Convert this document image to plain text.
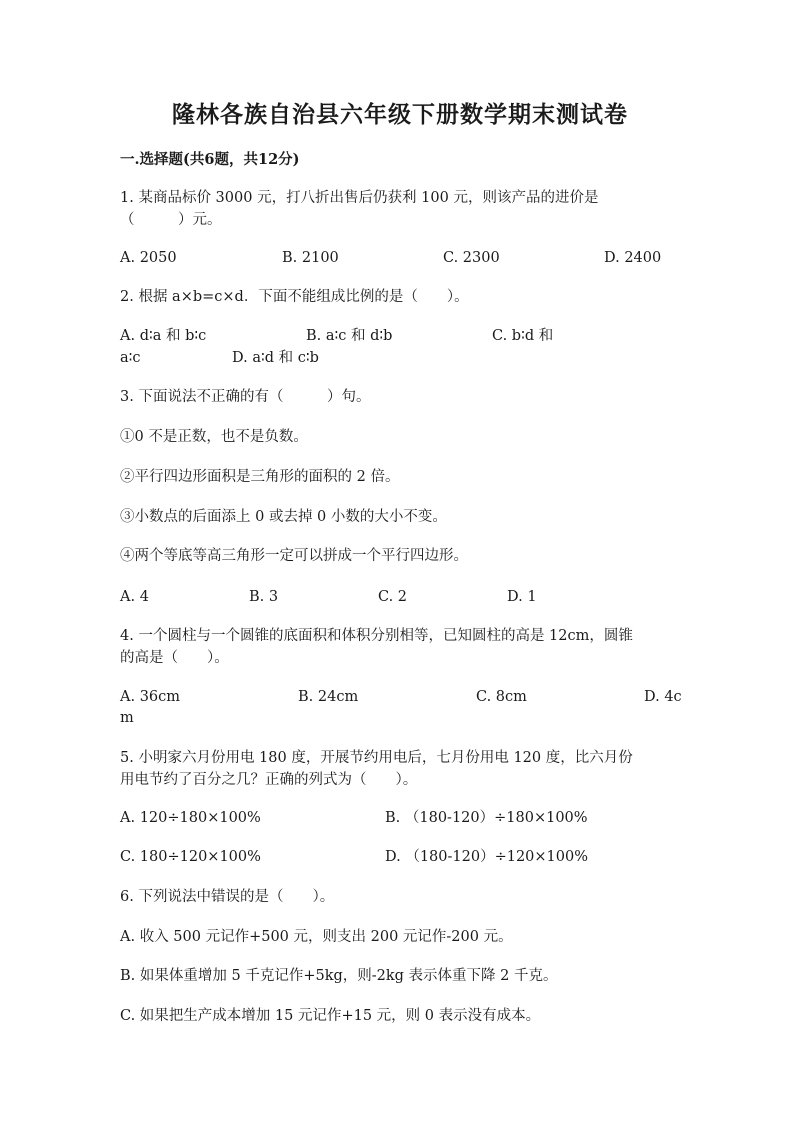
隆林各族自治县六年级下册数学期末测试卷
一.选择题(共6题，共12分)
1. 某商品标价 3000 元，打八折出售后仍获利 100 元，则该产品的进价是
（　　　）元。
A. 2050	B. 2100	C. 2300	D. 2400
2. 根据 a×b=c×d．下面不能组成比例的是（　　）。
A. d∶a 和 b∶c	B. a∶c 和 d∶b	C. b∶d 和
a∶c	D. a∶d 和 c∶b
3. 下面说法不正确的有（　　　）句。
①0 不是正数，也不是负数。
②平行四边形面积是三角形的面积的 2 倍。
③小数点的后面添上 0 或去掉 0 小数的大小不变。
④两个等底等高三角形一定可以拼成一个平行四边形。
A. 4	B. 3	C. 2	D. 1
4. 一个圆柱与一个圆锥的底面积和体积分别相等，已知圆柱的高是 12cm，圆锥
的高是（　　）。
A. 36cm	B. 24cm	C. 8cm	D. 4c
m
5. 小明家六月份用电 180 度，开展节约用电后，七月份用电 120 度，比六月份
用电节约了百分之几？正确的列式为（　　）。
A. 120÷180×100%	B. （180-120）÷180×100%
C. 180÷120×100%	D. （180-120）÷120×100%
6. 下列说法中错误的是（　　）。
A. 收入 500 元记作+500 元，则支出 200 元记作-200 元。
B. 如果体重增加 5 千克记作+5kg，则-2kg 表示体重下降 2 千克。
C. 如果把生产成本增加 15 元记作+15 元，则 0 表示没有成本。
